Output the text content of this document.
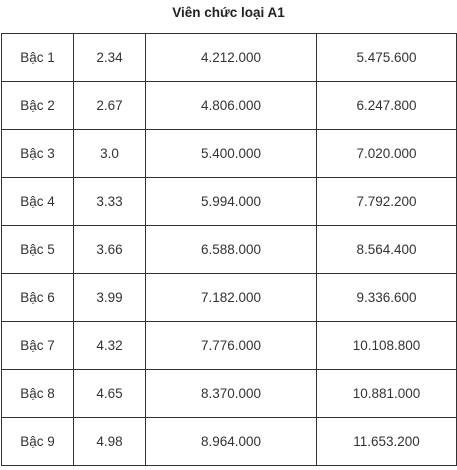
Viên chức loại A1
Bậc 1	2.34	4.212.000	5.475.600
Bậc 2	2.67	4.806.000	6.247.800
Bậc 3	3.0	5.400.000	7.020.000
Bậc 4	3.33	5.994.000	7.792.200
Bậc 5	3.66	6.588.000	8.564.400
Bậc 6	3.99	7.182.000	9.336.600
Bậc 7	4.32	7.776.000	10.108.800
Bậc 8	4.65	8.370.000	10.881.000
Bậc 9	4.98	8.964.000	11.653.200
